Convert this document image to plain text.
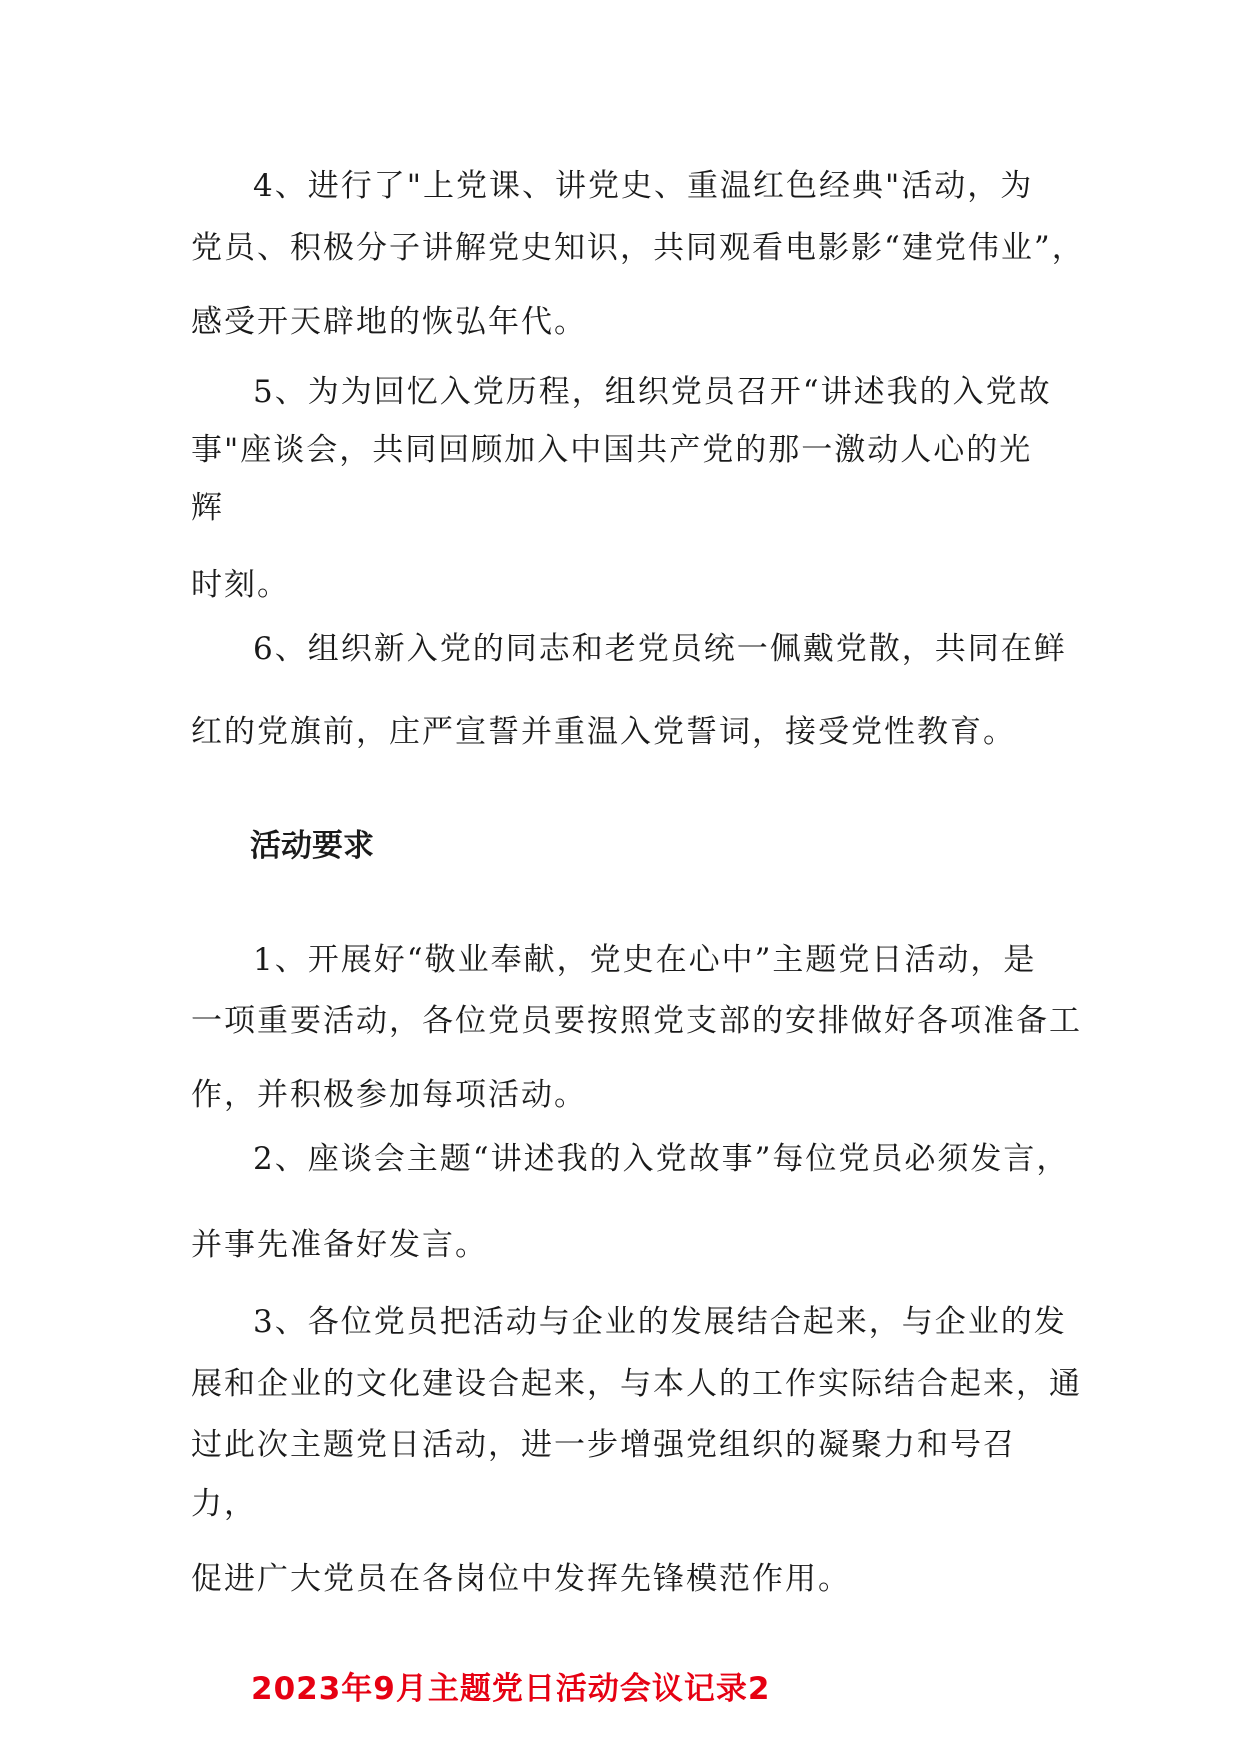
4、进行了"上党课、讲党史、重温红色经典"活动，为
党员、积极分子讲解党史知识，共同观看电影影“建党伟业”，
感受开天辟地的恢弘年代。
5、为为回忆入党历程，组织党员召开“讲述我的入党故
事"座谈会，共同回顾加入中国共产党的那一激动人心的光
辉
时刻。
6、组织新入党的同志和老党员统一佩戴党散，共同在鲜
红的党旗前，庄严宣誓并重温入党誓词，接受党性教育。
活动要求
1、开展好“敬业奉献，党史在心中”主题党日活动，是
一项重要活动，各位党员要按照党支部的安排做好各项准备工
作，并积极参加每项活动。
2、座谈会主题“讲述我的入党故事”每位党员必须发言，
并事先准备好发言。
3、各位党员把活动与企业的发展结合起来，与企业的发
展和企业的文化建设合起来，与本人的工作实际结合起来，通
过此次主题党日活动，进一步增强党组织的凝聚力和号召
力，
促进广大党员在各岗位中发挥先锋模范作用。
2023年9月主题党日活动会议记录2
